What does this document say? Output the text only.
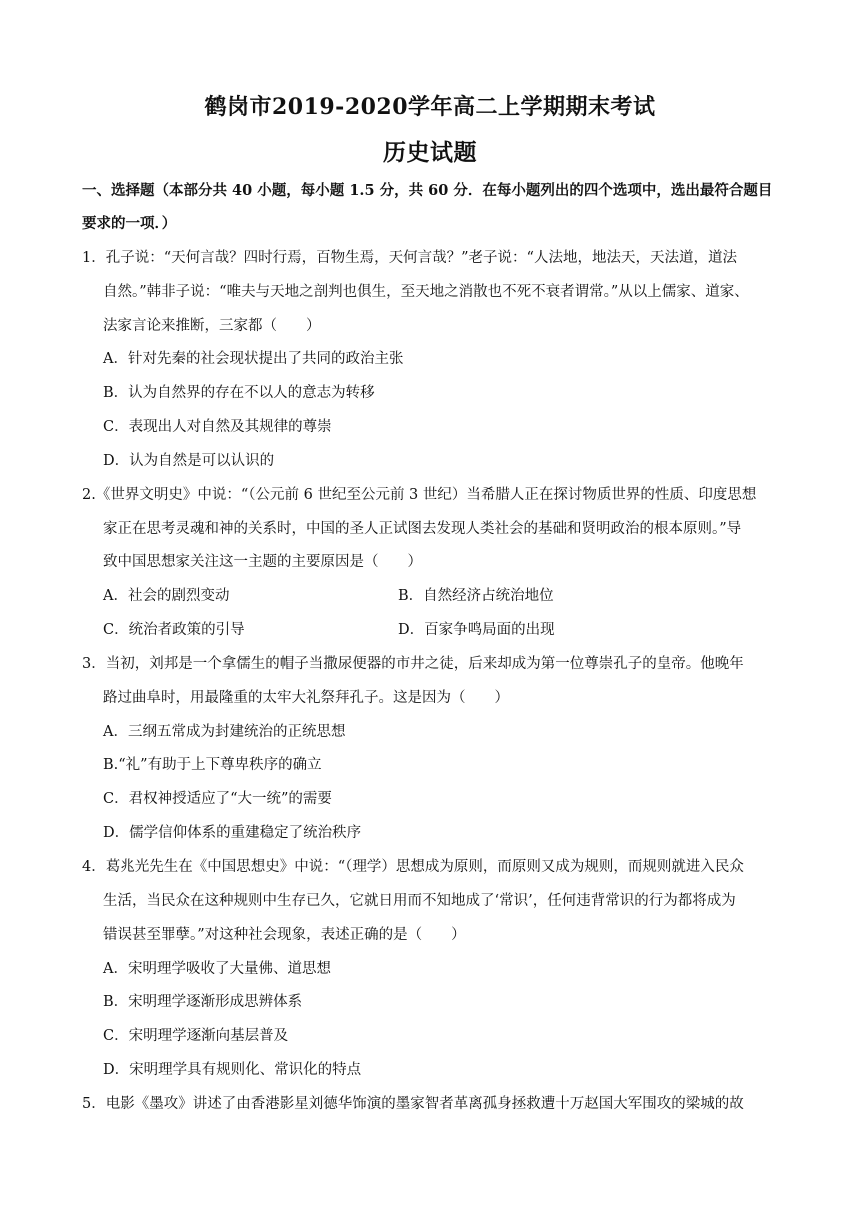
鹤岗市2019-2020学年高二上学期期末考试
历史试题
一、选择题（本部分共 40 小题，每小题 1.5 分，共 60 分．在每小题列出的四个选项中，选出最符合题目
要求的一项．）
1．孔子说：“天何言哉？四时行焉，百物生焉，天何言哉？”老子说：“人法地，地法天，天法道，道法
自然。”韩非子说：“唯夫与天地之剖判也俱生，至天地之消散也不死不衰者谓常。”从以上儒家、道家、
法家言论来推断，三家都（　　）
A．针对先秦的社会现状提出了共同的政治主张
B．认为自然界的存在不以人的意志为转移
C．表现出人对自然及其规律的尊崇
D．认为自然是可以认识的
2.《世界文明史》中说：“（公元前 6 世纪至公元前 3 世纪）当希腊人正在探讨物质世界的性质、印度思想
家正在思考灵魂和神的关系时，中国的圣人正试图去发现人类社会的基础和贤明政治的根本原则。”导
致中国思想家关注这一主题的主要原因是（　　）
A．社会的剧烈变动	B．自然经济占统治地位
C．统治者政策的引导	D．百家争鸣局面的出现
3．当初，刘邦是一个拿儒生的帽子当撒尿便器的市井之徒，后来却成为第一位尊崇孔子的皇帝。他晚年
路过曲阜时，用最隆重的太牢大礼祭拜孔子。这是因为（　　）
A．三纲五常成为封建统治的正统思想
B.“礼”有助于上下尊卑秩序的确立
C．君权神授适应了“大一统”的需要
D．儒学信仰体系的重建稳定了统治秩序
4．葛兆光先生在《中国思想史》中说：“（理学）思想成为原则，而原则又成为规则，而规则就进入民众
生活，当民众在这种规则中生存已久，它就日用而不知地成了‘常识’，任何违背常识的行为都将成为
错误甚至罪孽。”对这种社会现象，表述正确的是（　　）
A．宋明理学吸收了大量佛、道思想
B．宋明理学逐渐形成思辨体系
C．宋明理学逐渐向基层普及
D．宋明理学具有规则化、常识化的特点
5．电影《墨攻》讲述了由香港影星刘德华饰演的墨家智者革离孤身拯救遭十万赵国大军围攻的梁城的故
